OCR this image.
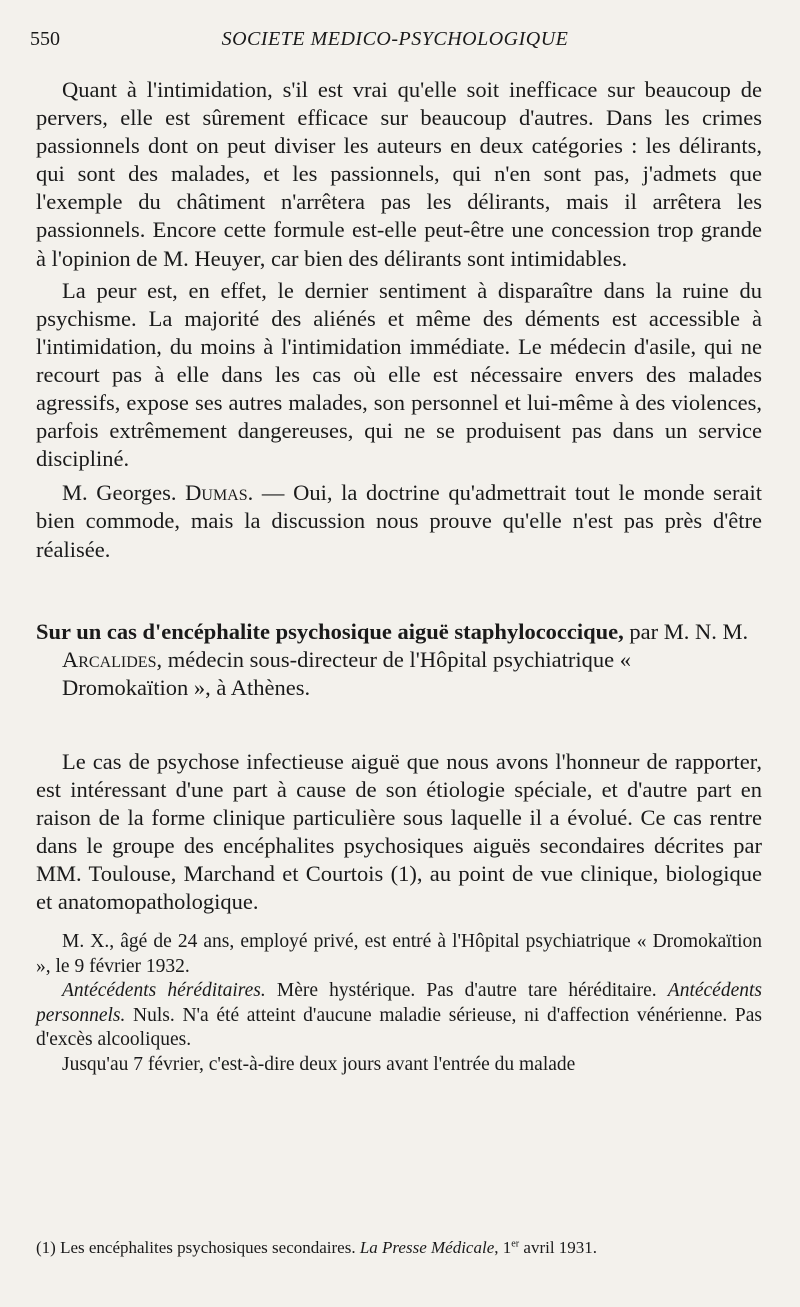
550	SOCIETE MEDICO-PSYCHOLOGIQUE

Quant à l'intimidation, s'il est vrai qu'elle soit inefficace sur beaucoup de pervers, elle est sûrement efficace sur beaucoup d'autres. Dans les crimes passionnels dont on peut diviser les auteurs en deux catégories : les délirants, qui sont des malades, et les passionnels, qui n'en sont pas, j'admets que l'exemple du châtiment n'arrêtera pas les délirants, mais il arrêtera les passionnels. Encore cette formule est-elle peut-être une concession trop grande à l'opinion de M. Heuyer, car bien des délirants sont intimidables.

La peur est, en effet, le dernier sentiment à disparaître dans la ruine du psychisme. La majorité des aliénés et même des déments est accessible à l'intimidation, du moins à l'intimidation immédiate. Le médecin d'asile, qui ne recourt pas à elle dans les cas où elle est nécessaire envers des malades agressifs, expose ses autres malades, son personnel et lui-même à des violences, parfois extrêmement dangereuses, qui ne se produisent pas dans un service discipliné.

M. Georges. Dumas. — Oui, la doctrine qu'admettrait tout le monde serait bien commode, mais la discussion nous prouve qu'elle n'est pas près d'être réalisée.

Sur un cas d'encéphalite psychosique aiguë staphylococcique, par M. N. M. Arcalides, médecin sous-directeur de l'Hôpital psychiatrique « Dromokaïtion », à Athènes.

Le cas de psychose infectieuse aiguë que nous avons l'honneur de rapporter, est intéressant d'une part à cause de son étiologie spéciale, et d'autre part en raison de la forme clinique particulière sous laquelle il a évolué. Ce cas rentre dans le groupe des encéphalites psychosiques aiguës secondaires décrites par MM. Toulouse, Marchand et Courtois (1), au point de vue clinique, biologique et anatomopathologique.

M. X., âgé de 24 ans, employé privé, est entré à l'Hôpital psychiatrique « Dromokaïtion », le 9 février 1932.

Antécédents héréditaires. Mère hystérique. Pas d'autre tare héréditaire. Antécédents personnels. Nuls. N'a été atteint d'aucune maladie sérieuse, ni d'affection vénérienne. Pas d'excès alcooliques.

Jusqu'au 7 février, c'est-à-dire deux jours avant l'entrée du malade

(1) Les encéphalites psychosiques secondaires. La Presse Médicale, 1er avril 1931.
